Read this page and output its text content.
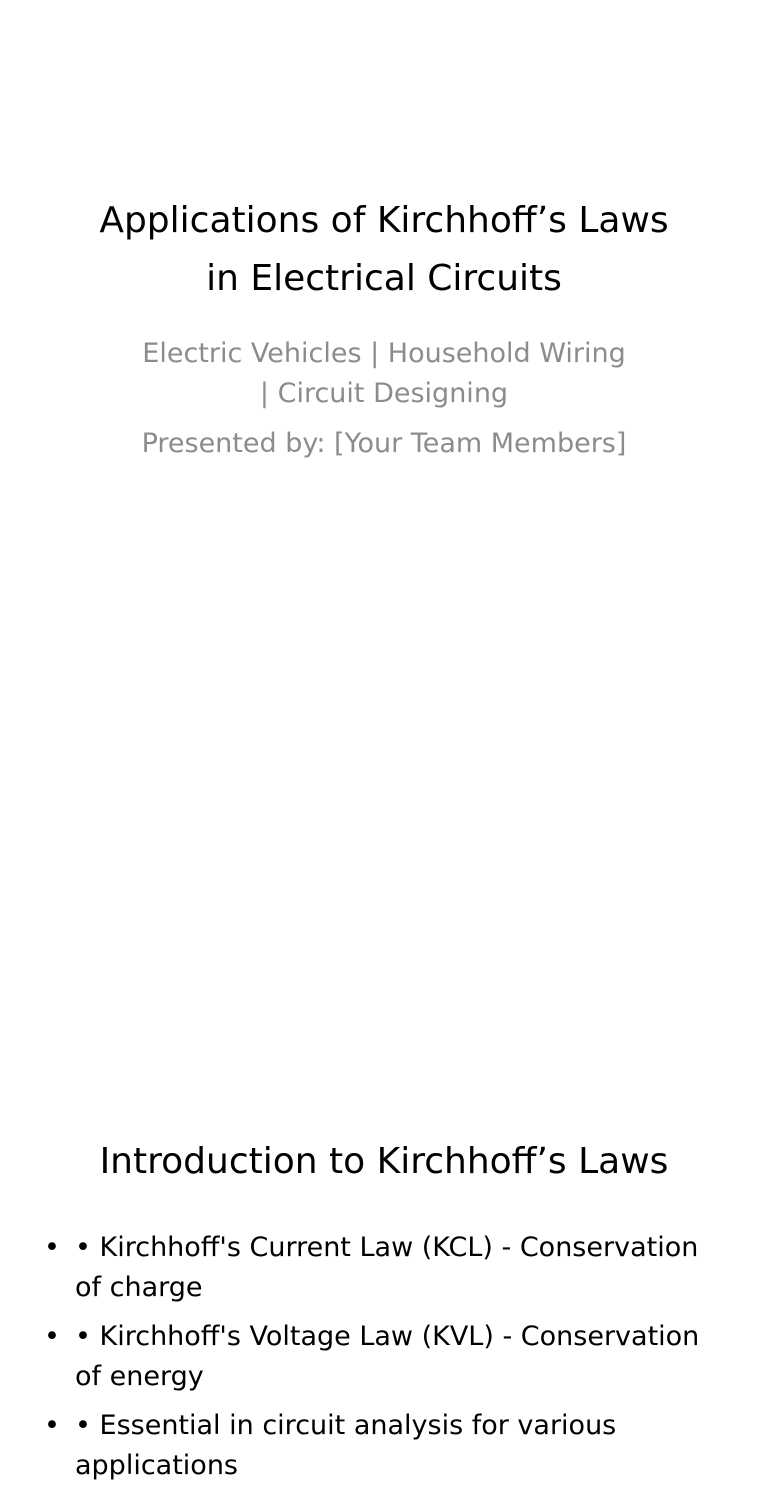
Applications of Kirchhoff’s Laws
in Electrical Circuits
Electric Vehicles | Household Wiring
| Circuit Designing
Presented by: [Your Team Members]
Introduction to Kirchhoff’s Laws
• • Kirchhoff's Current Law (KCL) - Conservation
of charge
• • Kirchhoff's Voltage Law (KVL) - Conservation
of energy
• • Essential in circuit analysis for various
applications
